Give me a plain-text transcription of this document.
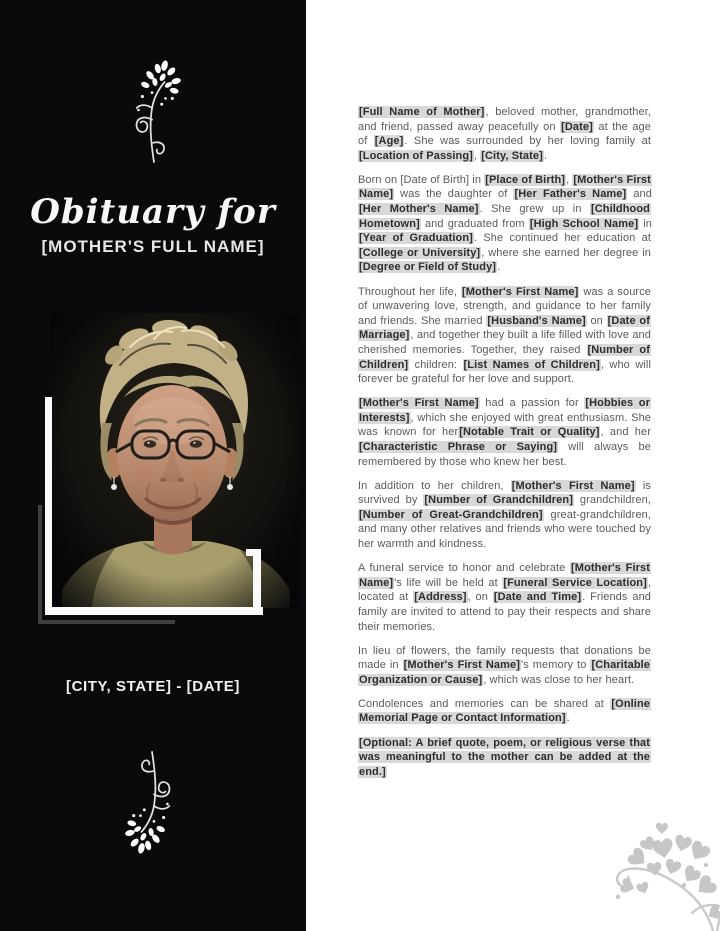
Obituary for
[MOTHER'S FULL NAME]
[CITY, STATE] - [DATE]

[Full Name of Mother], beloved mother, grandmother, and friend, passed away peacefully on [Date] at the age of [Age]. She was surrounded by her loving family at [Location of Passing], [City, State].

Born on [Date of Birth] in [Place of Birth], [Mother's First Name] was the daughter of [Her Father's Name] and [Her Mother's Name]. She grew up in [Childhood Hometown] and graduated from [High School Name] in [Year of Graduation]. She continued her education at [College or University], where she earned her degree in [Degree or Field of Study].

Throughout her life, [Mother's First Name] was a source of unwavering love, strength, and guidance to her family and friends. She married [Husband's Name] on [Date of Marriage], and together they built a life filled with love and cherished memories. Together, they raised [Number of Children] children: [List Names of Children], who will forever be grateful for her love and support.

[Mother's First Name] had a passion for [Hobbies or Interests], which she enjoyed with great enthusiasm. She was known for her[Notable Trait or Quality], and her [Characteristic Phrase or Saying] will always be remembered by those who knew her best.

In addition to her children, [Mother's First Name] is survived by [Number of Grandchildren] grandchildren, [Number of Great-Grandchildren] great-grandchildren, and many other relatives and friends who were touched by her warmth and kindness.

A funeral service to honor and celebrate [Mother's First Name]'s life will be held at [Funeral Service Location], located at [Address], on [Date and Time]. Friends and family are invited to attend to pay their respects and share their memories.

In lieu of flowers, the family requests that donations be made in [Mother's First Name]'s memory to [Charitable Organization or Cause], which was close to her heart.

Condolences and memories can be shared at [Online Memorial Page or Contact Information].

[Optional: A brief quote, poem, or religious verse that was meaningful to the mother can be added at the end.]
